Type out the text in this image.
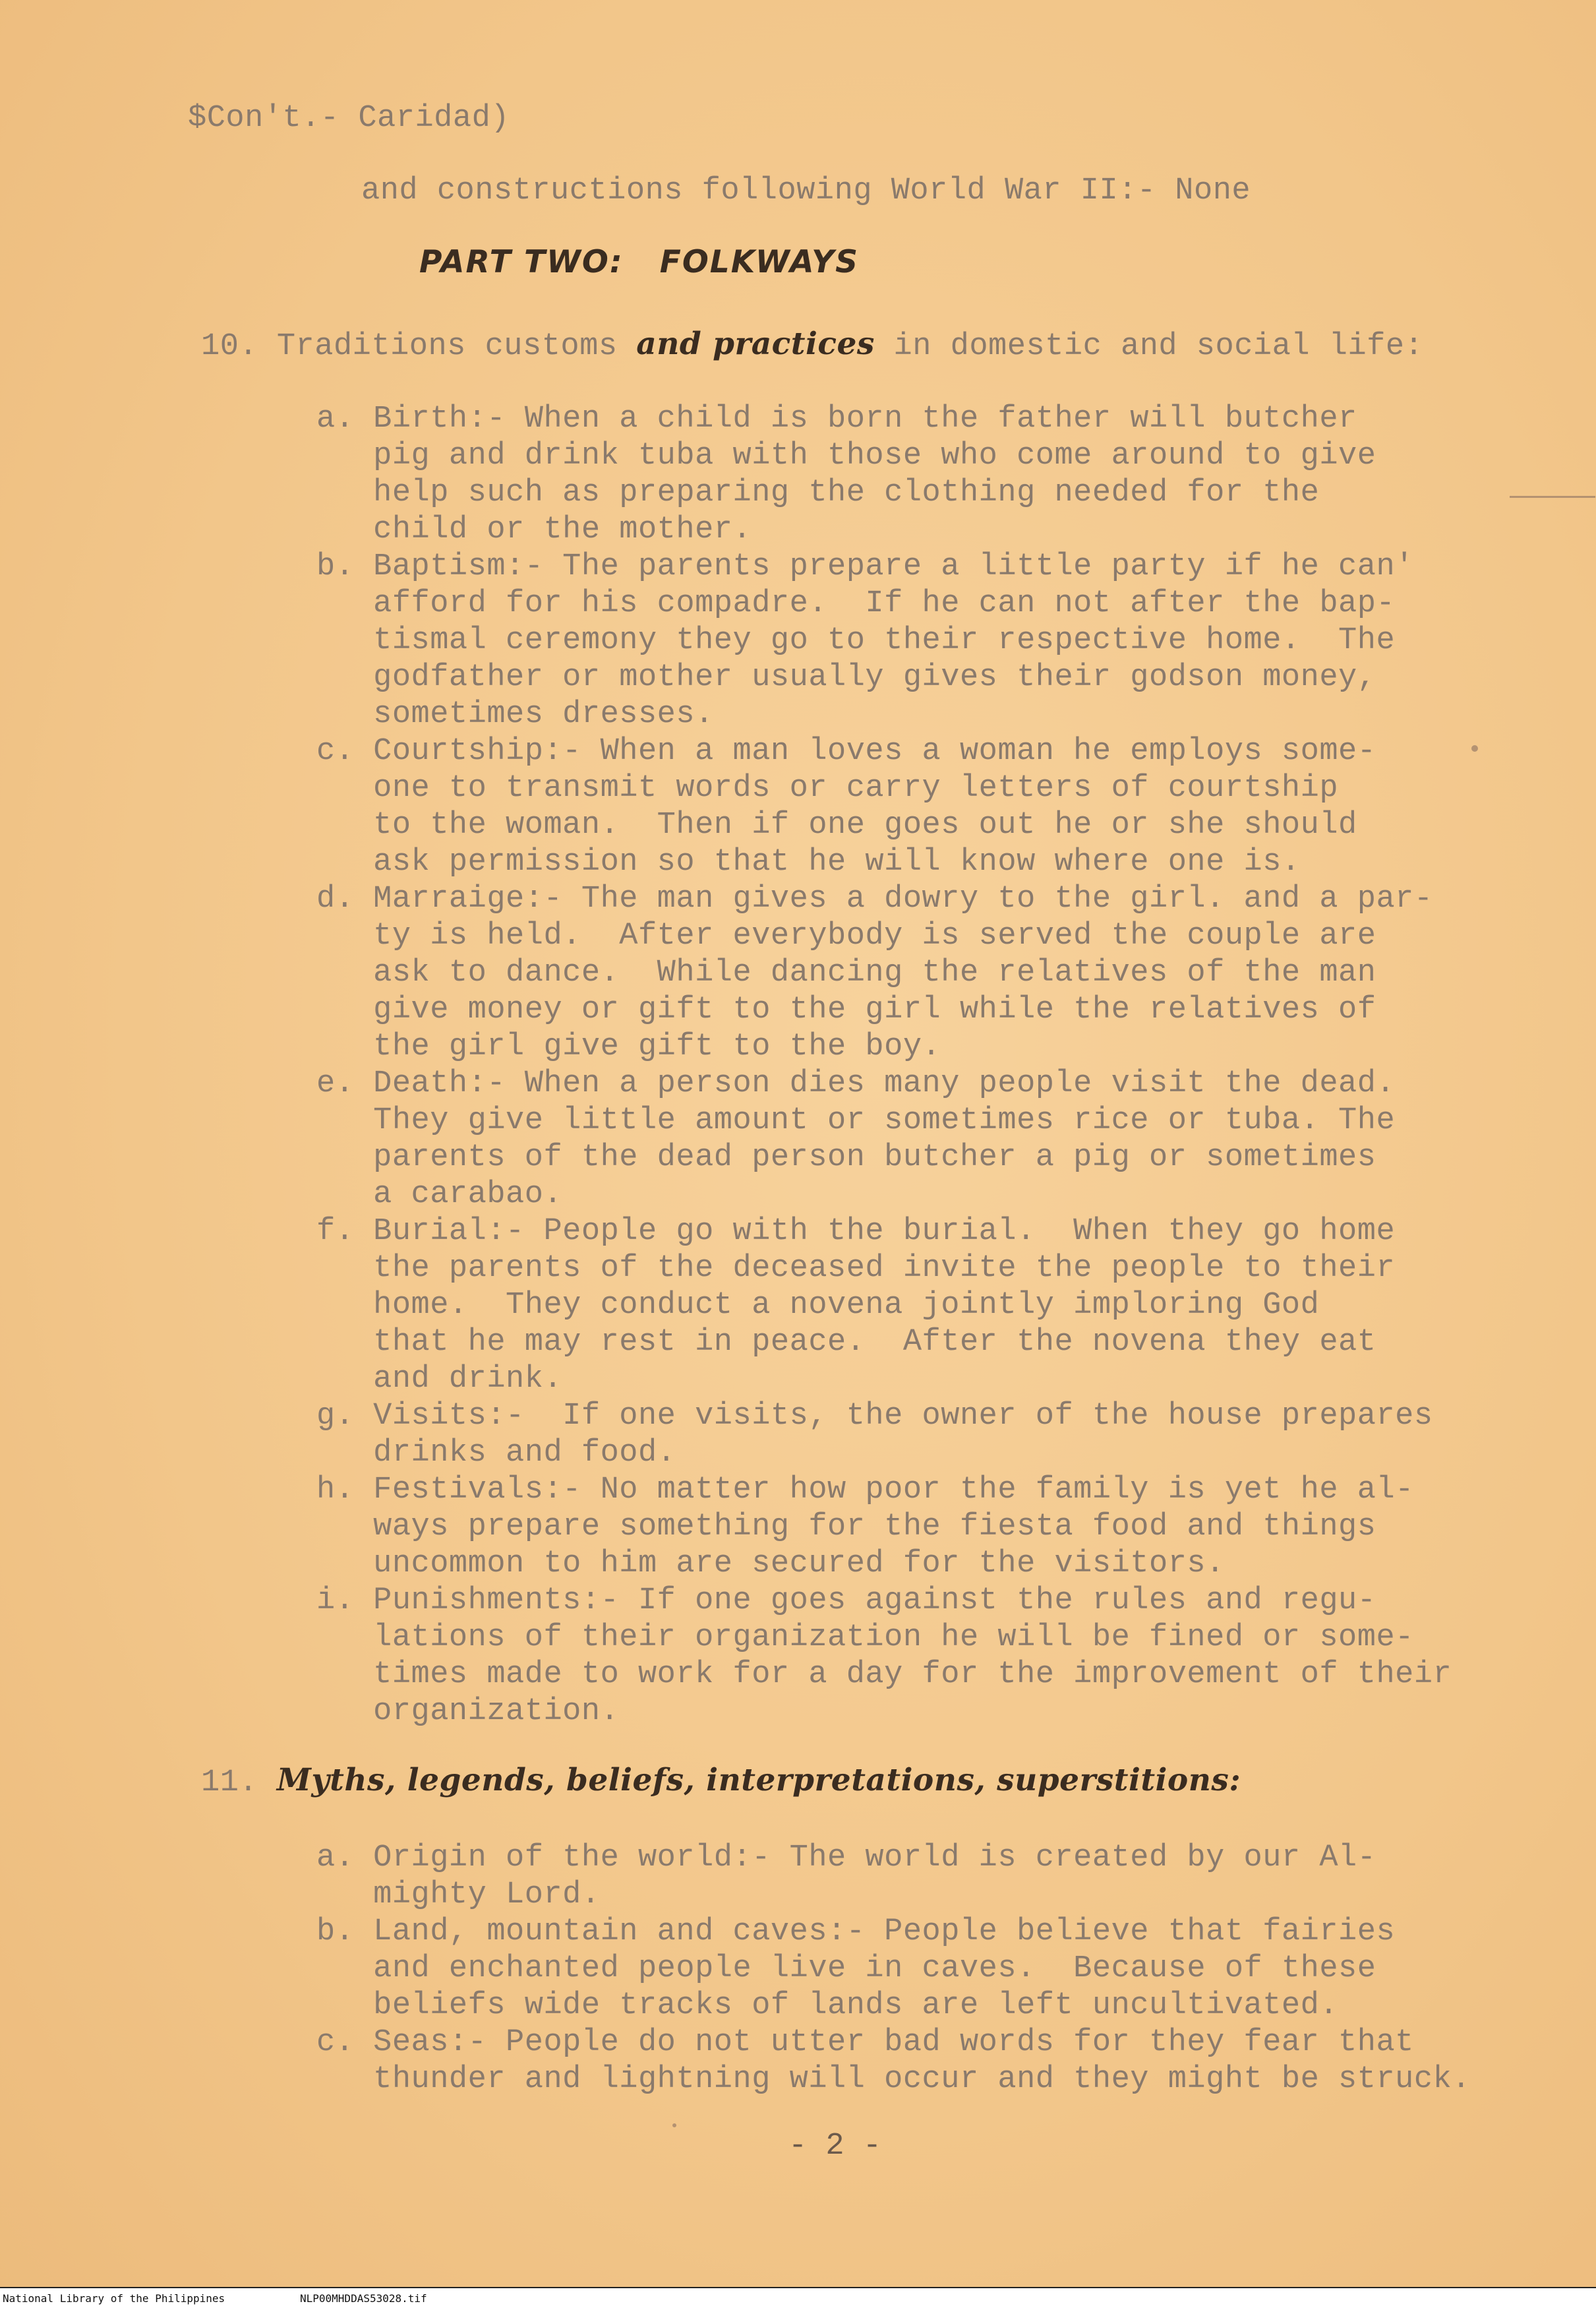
$Con't.- Caridad)
and constructions following World War II:- None
PART TWO:   FOLKWAYS
10. Traditions customs and practices in domestic and social life:
a. Birth:- When a child is born the father will butcher
pig and drink tuba with those who come around to give
help such as preparing the clothing needed for the
child or the mother.
b. Baptism:- The parents prepare a little party if he can'
afford for his compadre.  If he can not after the bap-
tismal ceremony they go to their respective home.  The
godfather or mother usually gives their godson money,
sometimes dresses.
c. Courtship:- When a man loves a woman he employs some-
one to transmit words or carry letters of courtship
to the woman.  Then if one goes out he or she should
ask permission so that he will know where one is.
d. Marraige:- The man gives a dowry to the girl. and a par-
ty is held.  After everybody is served the couple are
ask to dance.  While dancing the relatives of the man
give money or gift to the girl while the relatives of
the girl give gift to the boy.
e. Death:- When a person dies many people visit the dead.
They give little amount or sometimes rice or tuba. The
parents of the dead person butcher a pig or sometimes
a carabao.
f. Burial:- People go with the burial.  When they go home
the parents of the deceased invite the people to their
home.  They conduct a novena jointly imploring God
that he may rest in peace.  After the novena they eat
and drink.
g. Visits:-  If one visits, the owner of the house prepares
drinks and food.
h. Festivals:- No matter how poor the family is yet he al-
ways prepare something for the fiesta food and things
uncommon to him are secured for the visitors.
i. Punishments:- If one goes against the rules and regu-
lations of their organization he will be fined or some-
times made to work for a day for the improvement of their
organization.
11. Myths, legends, beliefs, interpretations, superstitions:
a. Origin of the world:- The world is created by our Al-
mighty Lord.
b. Land, mountain and caves:- People believe that fairies
and enchanted people live in caves.  Because of these
beliefs wide tracks of lands are left uncultivated.
c. Seas:- People do not utter bad words for they fear that
thunder and lightning will occur and they might be struck.
- 2 -
National Library of the Philippines	NLP00MHDDAS53028.tif
